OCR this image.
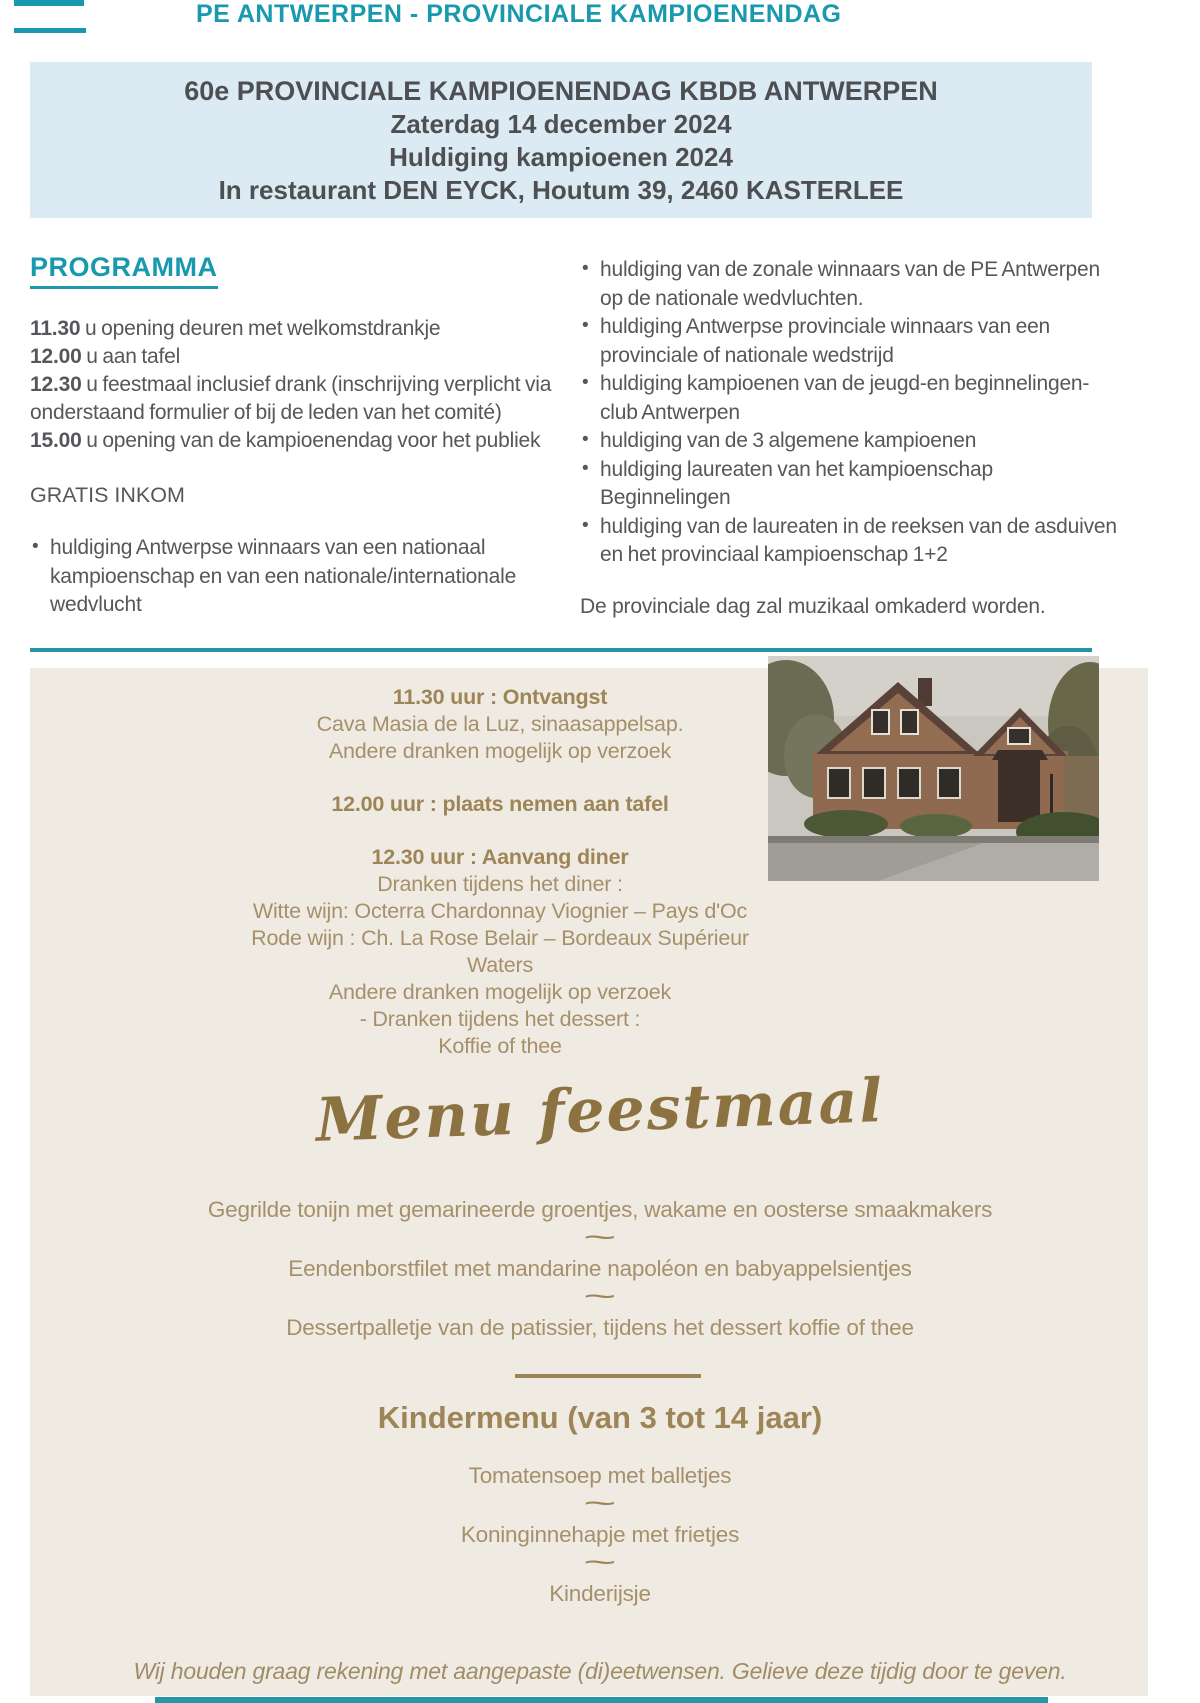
PE ANTWERPEN - PROVINCIALE KAMPIOENENDAG
60e PROVINCIALE KAMPIOENENDAG KBDB ANTWERPEN
Zaterdag 14 december 2024
Huldiging kampioenen 2024
In restaurant DEN EYCK, Houtum 39, 2460 KASTERLEE
PROGRAMMA
11.30 u opening deuren met welkomstdrankje
12.00 u aan tafel
12.30 u feestmaal inclusief drank (inschrijving verplicht via onderstaand formulier of bij de leden van het comité)
15.00 u opening van de kampioenendag voor het publiek
GRATIS INKOM
• huldiging Antwerpse winnaars van een nationaal kampioenschap en van een nationale/internationale wedvlucht
• huldiging van de zonale winnaars van de PE Antwerpen op de nationale wedvluchten.
• huldiging Antwerpse provinciale winnaars van een provinciale of nationale wedstrijd
• huldiging kampioenen van de jeugd-en beginnelingen-club Antwerpen
• huldiging van de 3 algemene kampioenen
• huldiging laureaten van het kampioenschap Beginnelingen
• huldiging van de laureaten in de reeksen van de asduiven en het provinciaal kampioenschap 1+2
De provinciale dag zal muzikaal omkaderd worden.
11.30 uur : Ontvangst
Cava Masia de la Luz, sinaasappelsap.
Andere dranken mogelijk op verzoek
12.00 uur : plaats nemen aan tafel
12.30 uur : Aanvang diner
Dranken tijdens het diner :
Witte wijn: Octerra Chardonnay Viognier – Pays d'Oc
Rode wijn : Ch. La Rose Belair – Bordeaux Supérieur
Waters
Andere dranken mogelijk op verzoek
- Dranken tijdens het dessert :
Koffie of thee
Menu feestmaal
Gegrilde tonijn met gemarineerde groentjes, wakame en oosterse smaakmakers
~
Eendenborstfilet met mandarine napoléon en babyappelsientjes
~
Dessertpalletje van de patissier, tijdens het dessert koffie of thee
Kindermenu (van 3 tot 14 jaar)
Tomatensoep met balletjes
~
Koninginnehapje met frietjes
~
Kinderijsje
Wij houden graag rekening met aangepaste (di)eetwensen. Gelieve deze tijdig door te geven.
